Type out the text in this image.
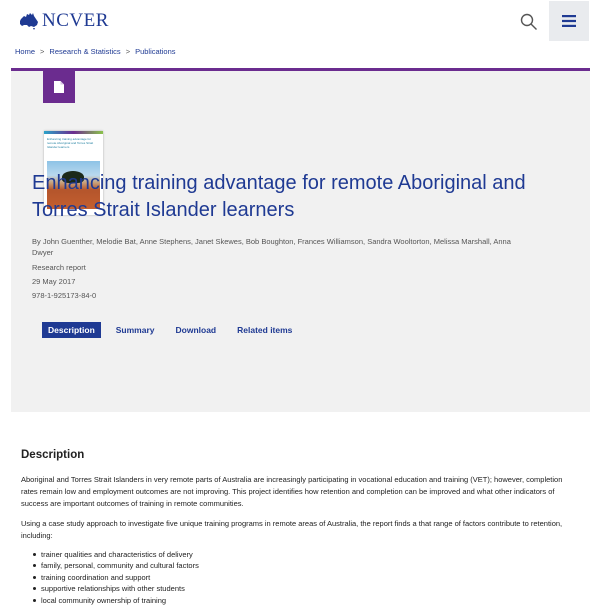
NCVER
Home > Research & Statistics > Publications
Enhancing training advantage for remote Aboriginal and Torres Strait Islander learners
Enhancing training advantage for remote Aboriginal and Torres Strait Islander learners
By John Guenther, Melodie Bat, Anne Stephens, Janet Skewes, Bob Boughton, Frances Williamson, Sandra Wooltorton, Melissa Marshall, Anna Dwyer
Research report
29 May 2017
978-1-925173-84-0
Description	Summary	Download	Related items
Description

Aboriginal and Torres Strait Islanders in very remote parts of Australia are increasingly participating in vocational education and training (VET); however, completion rates remain low and employment outcomes are not improving. This project identifies how retention and completion can be improved and what other indicators of success are important outcomes of training in remote communities.

Using a case study approach to investigate five unique training programs in remote areas of Australia, the report finds a that range of factors contribute to retention, including:

trainer qualities and characteristics of delivery
family, personal, community and cultural factors
training coordination and support
supportive relationships with other students
local community ownership of training
